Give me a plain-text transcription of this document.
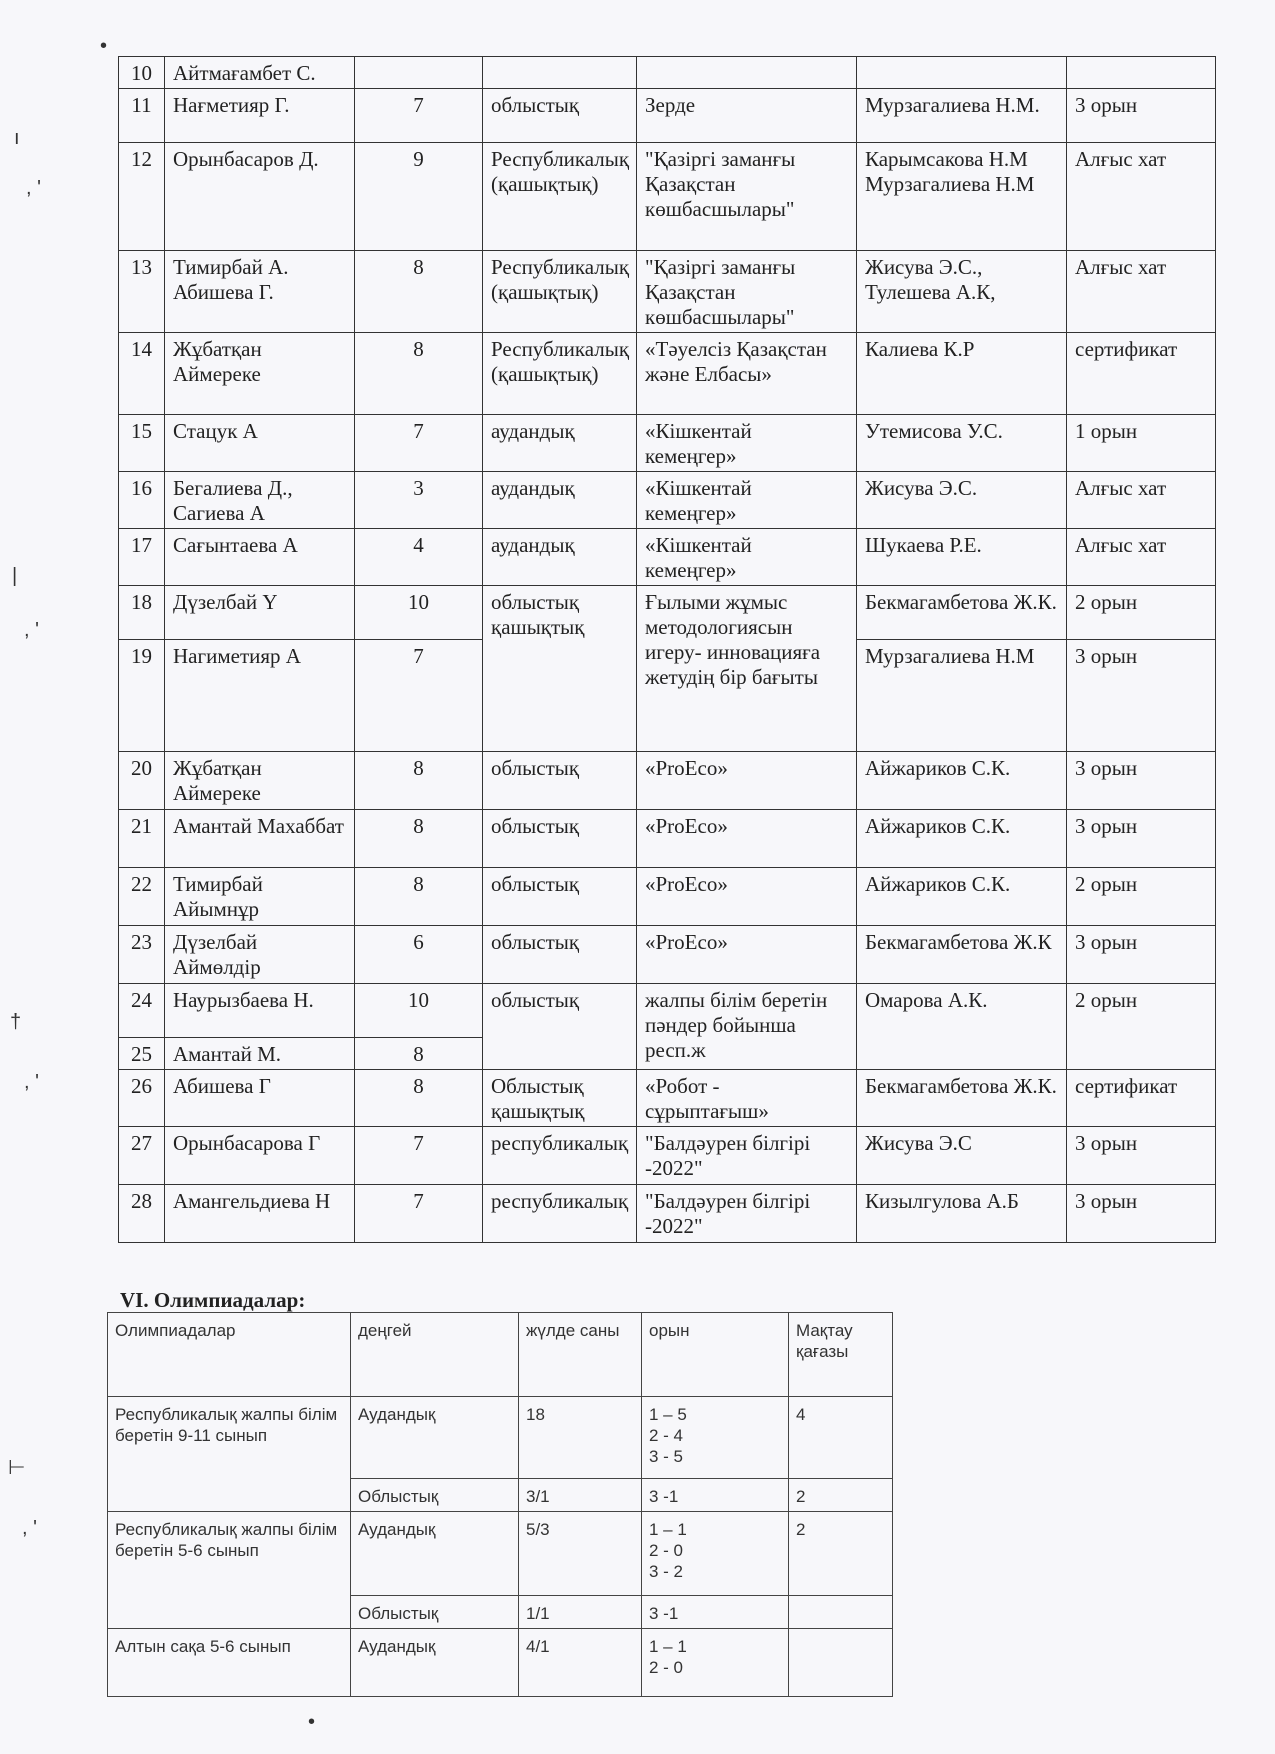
•
ı
, '
|
, '
†
, '
⊢
, '
•
10	Айтмағамбет С.					
11	Нағметияр Г.	7	облыстық	Зерде	Мурзагалиева Н.М.	3 орын
12	Орынбасаров Д.	9	Республикалық (қашықтық)	"Қазіргі заманғы Қазақстан көшбасшылары"	Карымсакова Н.М Мурзагалиева Н.М	Алғыс хат
13	Тимирбай А. Абишева Г.	8	Республикалық (қашықтық)	"Қазіргі заманғы Қазақстан көшбасшылары"	Жисува Э.С., Тулешева А.К,	Алғыс хат
14	Жұбатқан Аймереке	8	Республикалық (қашықтық)	«Тәуелсіз Қазақстан және Елбасы»	Калиева К.Р	сертификат
15	Стацук А	7	аудандық	«Кішкентай кемеңгер»	Утемисова У.С.	1 орын
16	Бегалиева Д., Сагиева А	3	аудандық	«Кішкентай кемеңгер»	Жисува Э.С.	Алғыс хат
17	Сағынтаева А	4	аудандық	«Кішкентай кемеңгер»	Шукаева Р.Е.	Алғыс хат
18	Дүзелбай Ү	10	облыстық қашықтық	Ғылыми жұмыс методологиясын игеру- инновацияға жетудің бір бағыты	Бекмагамбетова Ж.К.	2 орын
19	Нагиметияр А	7			Мурзагалиева Н.М	3 орын
20	Жұбатқан Аймереке	8	облыстық	«ProEco»	Айжариков С.К.	3 орын
21	Амантай Махаббат	8	облыстық	«ProEco»	Айжариков С.К.	3 орын
22	Тимирбай Айымнұр	8	облыстық	«ProEco»	Айжариков С.К.	2 орын
23	Дүзелбай Аймөлдір	6	облыстық	«ProEco»	Бекмагамбетова Ж.К	3 орын
24	Наурызбаева Н.	10	облыстық	жалпы білім беретін пәндер бойынша респ.ж	Омарова А.К.	2 орын
25	Амантай М.	8				
26	Абишева Г	8	Облыстық қашықтық	«Робот - сұрыптағыш»	Бекмагамбетова Ж.К.	сертификат
27	Орынбасарова Г	7	республикалық	"Балдәурен білгірі -2022"	Жисува Э.С	3 орын
28	Амангельдиева Н	7	республикалық	"Балдәурен білгірі -2022"	Кизылгулова А.Б	3 орын
VI. Олимпиадалар:
Олимпиадалар	деңгей	жүлде саны	орын	Мақтау қағазы
Республикалық жалпы білім беретін 9-11 сынып	Аудандық	18	1 – 5
2 - 4
3 - 5	4
	Облыстық	3/1	3 -1	2
Республикалық жалпы білім беретін 5-6 сынып	Аудандық	5/3	1 – 1
2 - 0
3 - 2	2
	Облыстық	1/1	3 -1	
Алтын сақа 5-6 сынып	Аудандық	4/1	1 – 1
2 - 0	
